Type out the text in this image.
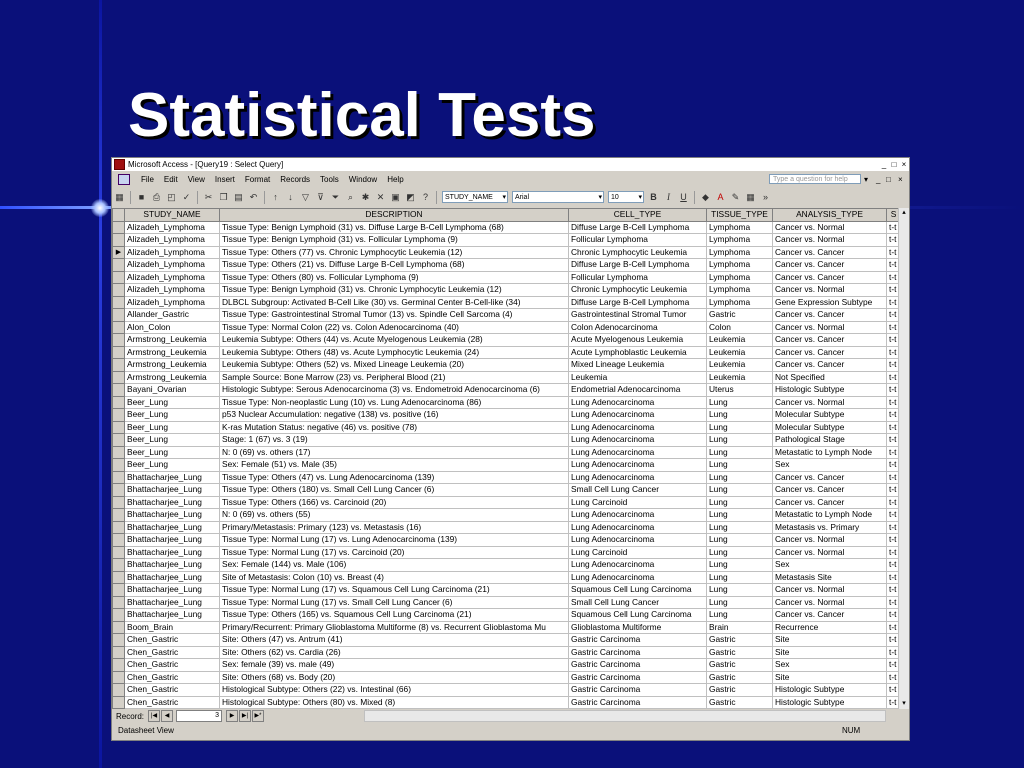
Statistical Tests
Microsoft Access - [Query19 : Select Query]	_ □ ×
File	Edit	View	Insert	Format	Records	Tools	Window	Help	Type a question for help	▾ _ □ ×
▦	■ ⎙ ◰ ✓	✂ ❐ ▤ ↶	↑	↓	▽ ⊽ ⏷ ⌕ ✱ ✕ ▣ ◩ ?	STUDY_NAME ▾	Arial ▾	10 ▾	B	I	U	◆ A ✎ ▦ »
	STUDY_NAME	DESCRIPTION	CELL_TYPE	TISSUE_TYPE	ANALYSIS_TYPE	S
	Alizadeh_Lymphoma	Tissue Type: Benign Lymphoid (31) vs. Diffuse Large B-Cell Lymphoma (68)	Diffuse Large B-Cell Lymphoma	Lymphoma	Cancer vs. Normal	t-t
	Alizadeh_Lymphoma	Tissue Type: Benign Lymphoid (31) vs. Follicular Lymphoma (9)	Follicular Lymphoma	Lymphoma	Cancer vs. Normal	t-t
▶	Alizadeh_Lymphoma	Tissue Type: Others (77) vs. Chronic Lymphocytic Leukemia (12)	Chronic Lymphocytic Leukemia	Lymphoma	Cancer vs. Cancer	t-t
	Alizadeh_Lymphoma	Tissue Type: Others (21) vs. Diffuse Large B-Cell Lymphoma (68)	Diffuse Large B-Cell Lymphoma	Lymphoma	Cancer vs. Cancer	t-t
	Alizadeh_Lymphoma	Tissue Type: Others (80) vs. Follicular Lymphoma (9)	Follicular Lymphoma	Lymphoma	Cancer vs. Cancer	t-t
	Alizadeh_Lymphoma	Tissue Type: Benign Lymphoid (31) vs. Chronic Lymphocytic Leukemia (12)	Chronic Lymphocytic Leukemia	Lymphoma	Cancer vs. Normal	t-t
	Alizadeh_Lymphoma	DLBCL Subgroup: Activated B-Cell Like (30) vs. Germinal Center B-Cell-like (34)	Diffuse Large B-Cell Lymphoma	Lymphoma	Gene Expression Subtype	t-t
	Allander_Gastric	Tissue Type: Gastrointestinal Stromal Tumor (13) vs. Spindle Cell Sarcoma (4)	Gastrointestinal Stromal Tumor	Gastric	Cancer vs. Cancer	t-t
	Alon_Colon	Tissue Type: Normal Colon (22) vs. Colon Adenocarcinoma (40)	Colon Adenocarcinoma	Colon	Cancer vs. Normal	t-t
	Armstrong_Leukemia	Leukemia Subtype: Others (44) vs. Acute Myelogenous Leukemia (28)	Acute Myelogenous Leukemia	Leukemia	Cancer vs. Cancer	t-t
	Armstrong_Leukemia	Leukemia Subtype: Others (48) vs. Acute Lymphocytic Leukemia (24)	Acute Lymphoblastic Leukemia	Leukemia	Cancer vs. Cancer	t-t
	Armstrong_Leukemia	Leukemia Subtype: Others (52) vs. Mixed Lineage Leukemia (20)	Mixed Lineage Leukemia	Leukemia	Cancer vs. Cancer	t-t
	Armstrong_Leukemia	Sample Source: Bone Marrow (23) vs. Peripheral Blood (21)	Leukemia	Leukemia	Not Specified	t-t
	Bayani_Ovarian	Histologic Subtype: Serous Adenocarcinoma (3) vs. Endometroid Adenocarcinoma (6)	Endometrial Adenocarcinoma	Uterus	Histologic Subtype	t-t
	Beer_Lung	Tissue Type: Non-neoplastic Lung (10) vs. Lung Adenocarcinoma (86)	Lung Adenocarcinoma	Lung	Cancer vs. Normal	t-t
	Beer_Lung	p53 Nuclear Accumulation: negative (138) vs. positive (16)	Lung Adenocarcinoma	Lung	Molecular Subtype	t-t
	Beer_Lung	K-ras Mutation Status: negative (46) vs. positive (78)	Lung Adenocarcinoma	Lung	Molecular Subtype	t-t
	Beer_Lung	Stage: 1 (67) vs. 3 (19)	Lung Adenocarcinoma	Lung	Pathological Stage	t-t
	Beer_Lung	N: 0 (69) vs. others (17)	Lung Adenocarcinoma	Lung	Metastatic to Lymph Node	t-t
	Beer_Lung	Sex: Female (51) vs. Male (35)	Lung Adenocarcinoma	Lung	Sex	t-t
	Bhattacharjee_Lung	Tissue Type: Others (47) vs. Lung Adenocarcinoma (139)	Lung Adenocarcinoma	Lung	Cancer vs. Cancer	t-t
	Bhattacharjee_Lung	Tissue Type: Others (180) vs. Small Cell Lung Cancer (6)	Small Cell Lung Cancer	Lung	Cancer vs. Cancer	t-t
	Bhattacharjee_Lung	Tissue Type: Others (166) vs. Carcinoid (20)	Lung Carcinoid	Lung	Cancer vs. Cancer	t-t
	Bhattacharjee_Lung	N: 0 (69) vs. others (55)	Lung Adenocarcinoma	Lung	Metastatic to Lymph Node	t-t
	Bhattacharjee_Lung	Primary/Metastasis: Primary (123) vs. Metastasis (16)	Lung Adenocarcinoma	Lung	Metastasis vs. Primary	t-t
	Bhattacharjee_Lung	Tissue Type: Normal Lung (17) vs. Lung Adenocarcinoma (139)	Lung Adenocarcinoma	Lung	Cancer vs. Normal	t-t
	Bhattacharjee_Lung	Tissue Type: Normal Lung (17) vs. Carcinoid (20)	Lung Carcinoid	Lung	Cancer vs. Normal	t-t
	Bhattacharjee_Lung	Sex: Female (144) vs. Male (106)	Lung Adenocarcinoma	Lung	Sex	t-t
	Bhattacharjee_Lung	Site of Metastasis: Colon (10) vs. Breast (4)	Lung Adenocarcinoma	Lung	Metastasis Site	t-t
	Bhattacharjee_Lung	Tissue Type: Normal Lung (17) vs. Squamous Cell Lung Carcinoma (21)	Squamous Cell Lung Carcinoma	Lung	Cancer vs. Normal	t-t
	Bhattacharjee_Lung	Tissue Type: Normal Lung (17) vs. Small Cell Lung Cancer (6)	Small Cell Lung Cancer	Lung	Cancer vs. Normal	t-t
	Bhattacharjee_Lung	Tissue Type: Others (165) vs. Squamous Cell Lung Carcinoma (21)	Squamous Cell Lung Carcinoma	Lung	Cancer vs. Cancer	t-t
	Boom_Brain	Primary/Recurrent: Primary Glioblastoma Multiforme (8) vs. Recurrent Glioblastoma Mu	Glioblastoma Multiforme	Brain	Recurrence	t-t
	Chen_Gastric	Site: Others (47) vs. Antrum (41)	Gastric Carcinoma	Gastric	Site	t-t
	Chen_Gastric	Site: Others (62) vs. Cardia (26)	Gastric Carcinoma	Gastric	Site	t-t
	Chen_Gastric	Sex: female (39) vs. male (49)	Gastric Carcinoma	Gastric	Sex	t-t
	Chen_Gastric	Site: Others (68) vs. Body (20)	Gastric Carcinoma	Gastric	Site	t-t
	Chen_Gastric	Histological Subtype: Others (22) vs. Intestinal (66)	Gastric Carcinoma	Gastric	Histologic Subtype	t-t
	Chen_Gastric	Histological Subtype: Others (80) vs. Mixed (8)	Gastric Carcinoma	Gastric	Histologic Subtype	t-t
▴
▾
Record:	|◀	◀	3	▶	▶|	▶*
Datasheet View	NUM
